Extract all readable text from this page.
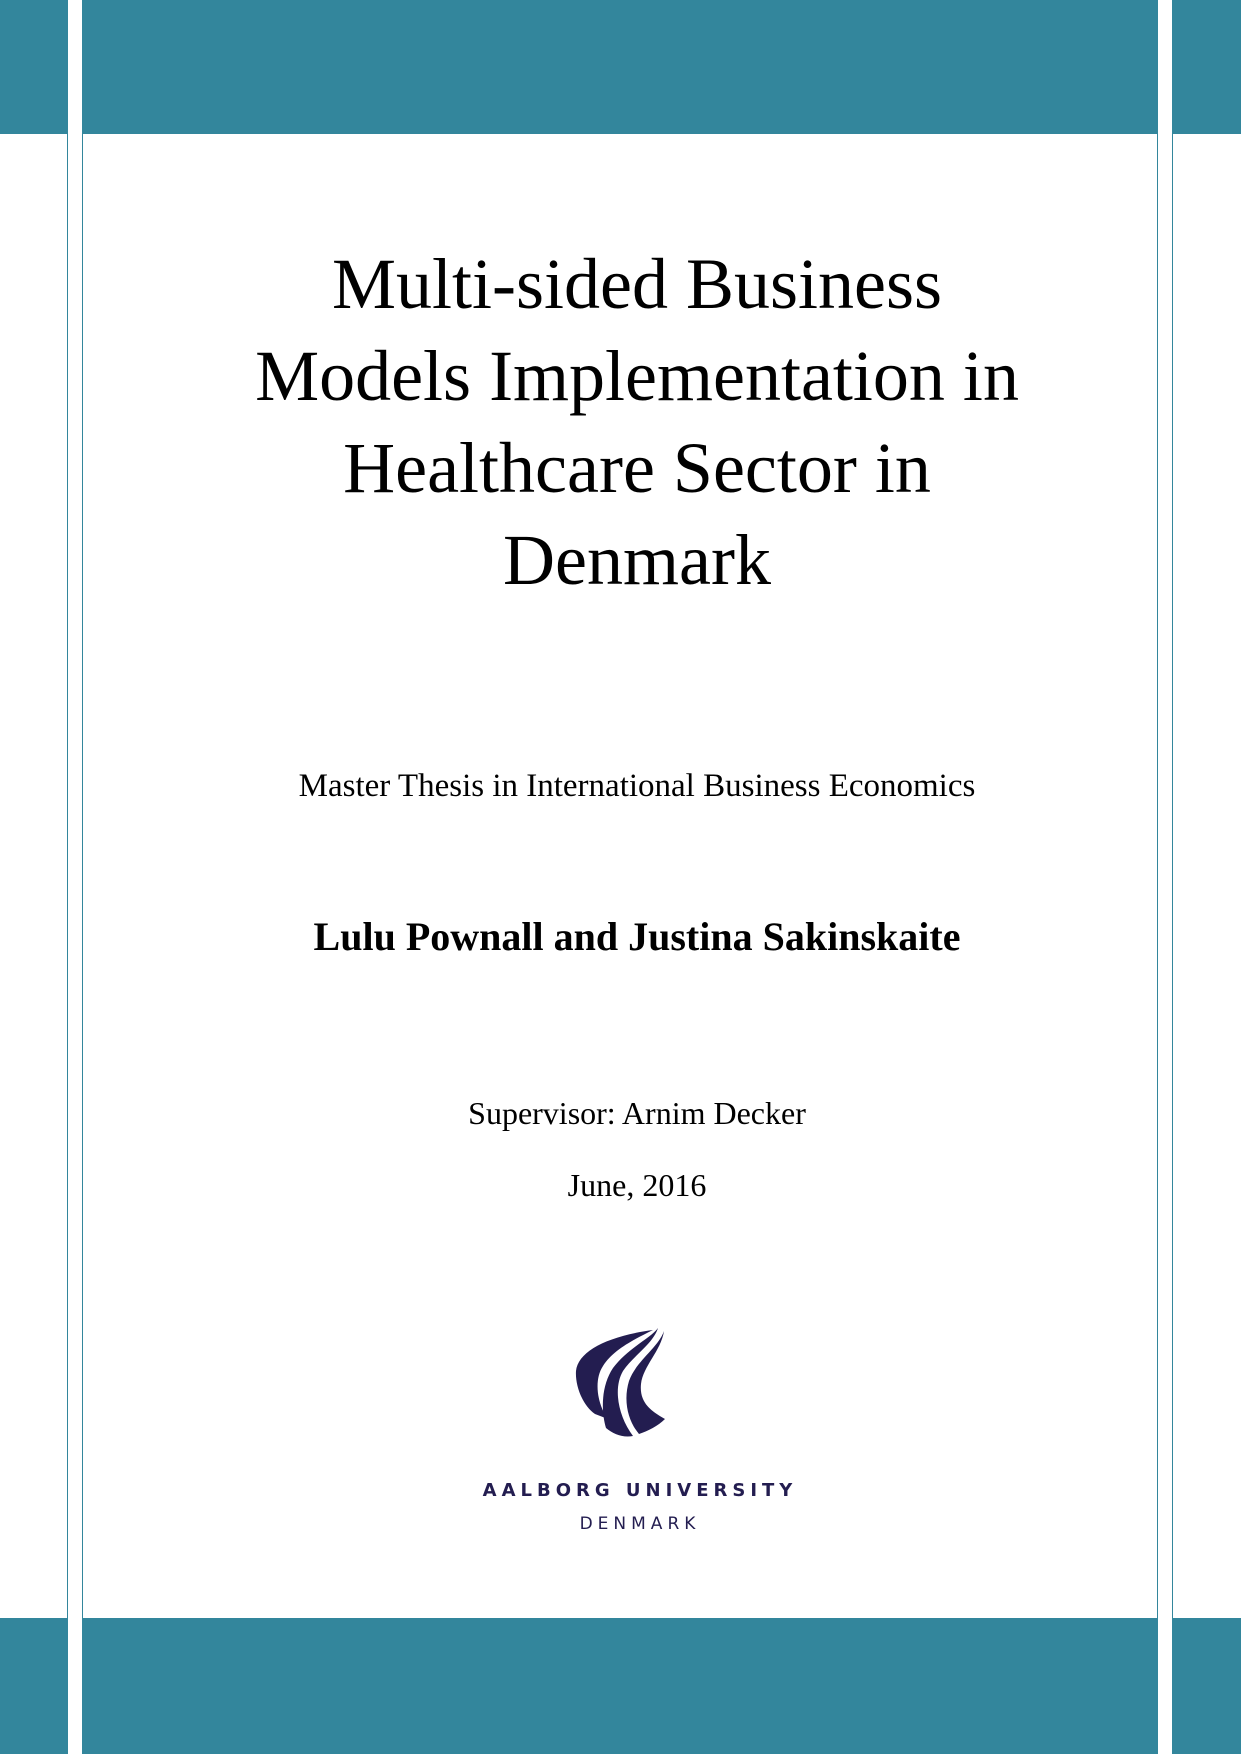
Multi-sided Business
Models Implementation in
Healthcare Sector in
Denmark
Master Thesis in International Business Economics
Lulu Pownall and Justina Sakinskaite
Supervisor: Arnim Decker
June, 2016
AALBORG UNIVERSITY
DENMARK
